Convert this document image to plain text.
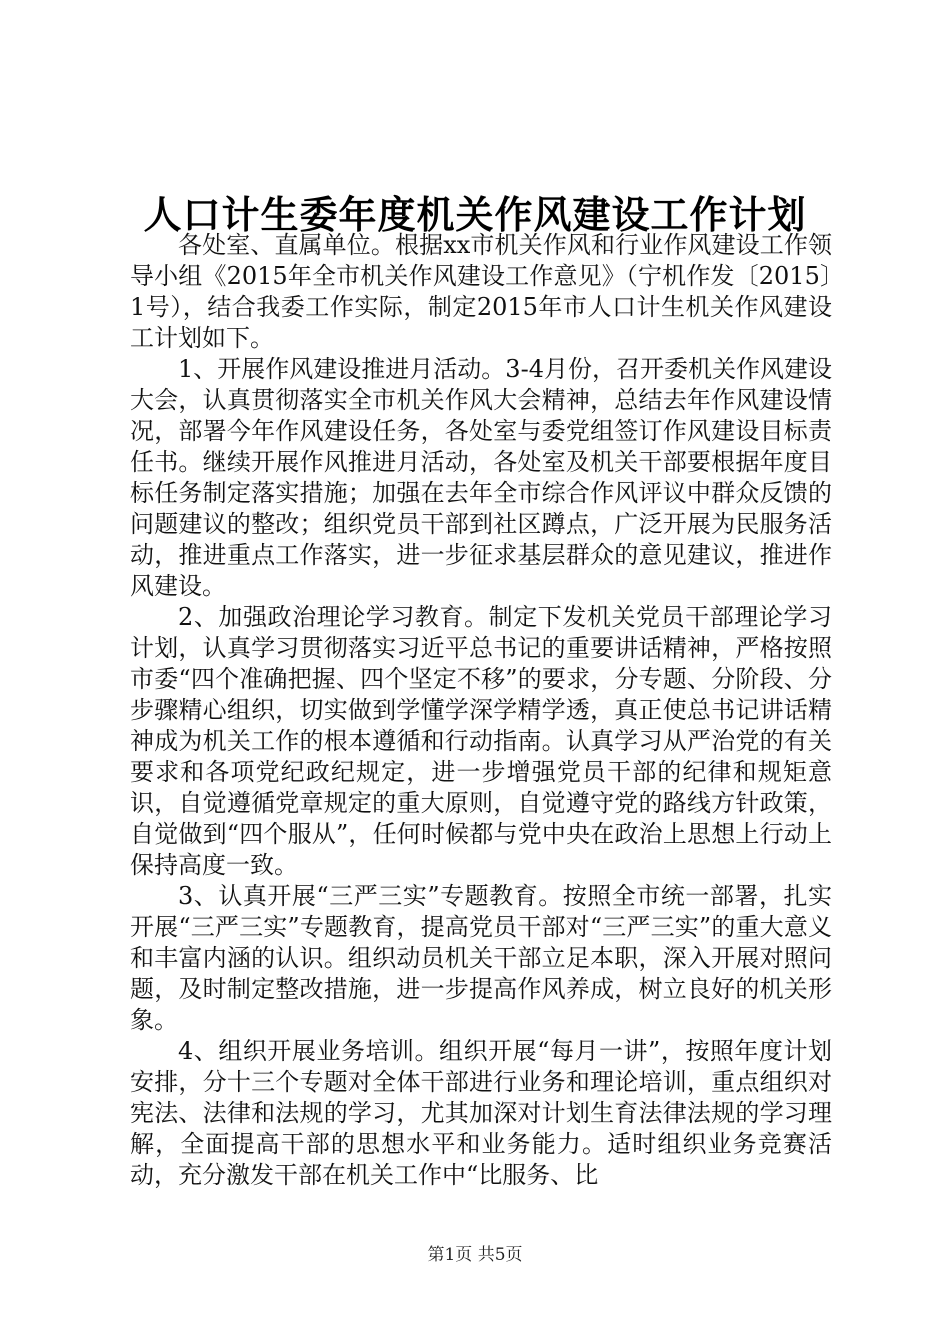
人口计生委年度机关作风建设工作计划

各处室、直属单位。根据xx市机关作风和行业作风建设工作领导小组《2015年全市机关作风建设工作意见》（宁机作发〔2015〕1号），结合我委工作实际，制定2015年市人口计生机关作风建设工计划如下。

1、开展作风建设推进月活动。3-4月份，召开委机关作风建设大会，认真贯彻落实全市机关作风大会精神，总结去年作风建设情况，部署今年作风建设任务，各处室与委党组签订作风建设目标责任书。继续开展作风推进月活动，各处室及机关干部要根据年度目标任务制定落实措施；加强在去年全市综合作风评议中群众反馈的问题建议的整改；组织党员干部到社区蹲点，广泛开展为民服务活动，推进重点工作落实，进一步征求基层群众的意见建议，推进作风建设。

2、加强政治理论学习教育。制定下发机关党员干部理论学习计划，认真学习贯彻落实习近平总书记的重要讲话精神，严格按照市委“四个准确把握、四个坚定不移”的要求，分专题、分阶段、分步骤精心组织，切实做到学懂学深学精学透，真正使总书记讲话精神成为机关工作的根本遵循和行动指南。认真学习从严治党的有关要求和各项党纪政纪规定，进一步增强党员干部的纪律和规矩意识，自觉遵循党章规定的重大原则，自觉遵守党的路线方针政策，自觉做到“四个服从”，任何时候都与党中央在政治上思想上行动上保持高度一致。

3、认真开展“三严三实”专题教育。按照全市统一部署，扎实开展“三严三实”专题教育，提高党员干部对“三严三实”的重大意义和丰富内涵的认识。组织动员机关干部立足本职，深入开展对照问题，及时制定整改措施，进一步提高作风养成，树立良好的机关形象。

4、组织开展业务培训。组织开展“每月一讲”，按照年度计划安排，分十三个专题对全体干部进行业务和理论培训，重点组织对宪法、法律和法规的学习，尤其加深对计划生育法律法规的学习理解，全面提高干部的思想水平和业务能力。适时组织业务竞赛活动，充分激发干部在机关工作中“比服务、比

第1页 共5页
